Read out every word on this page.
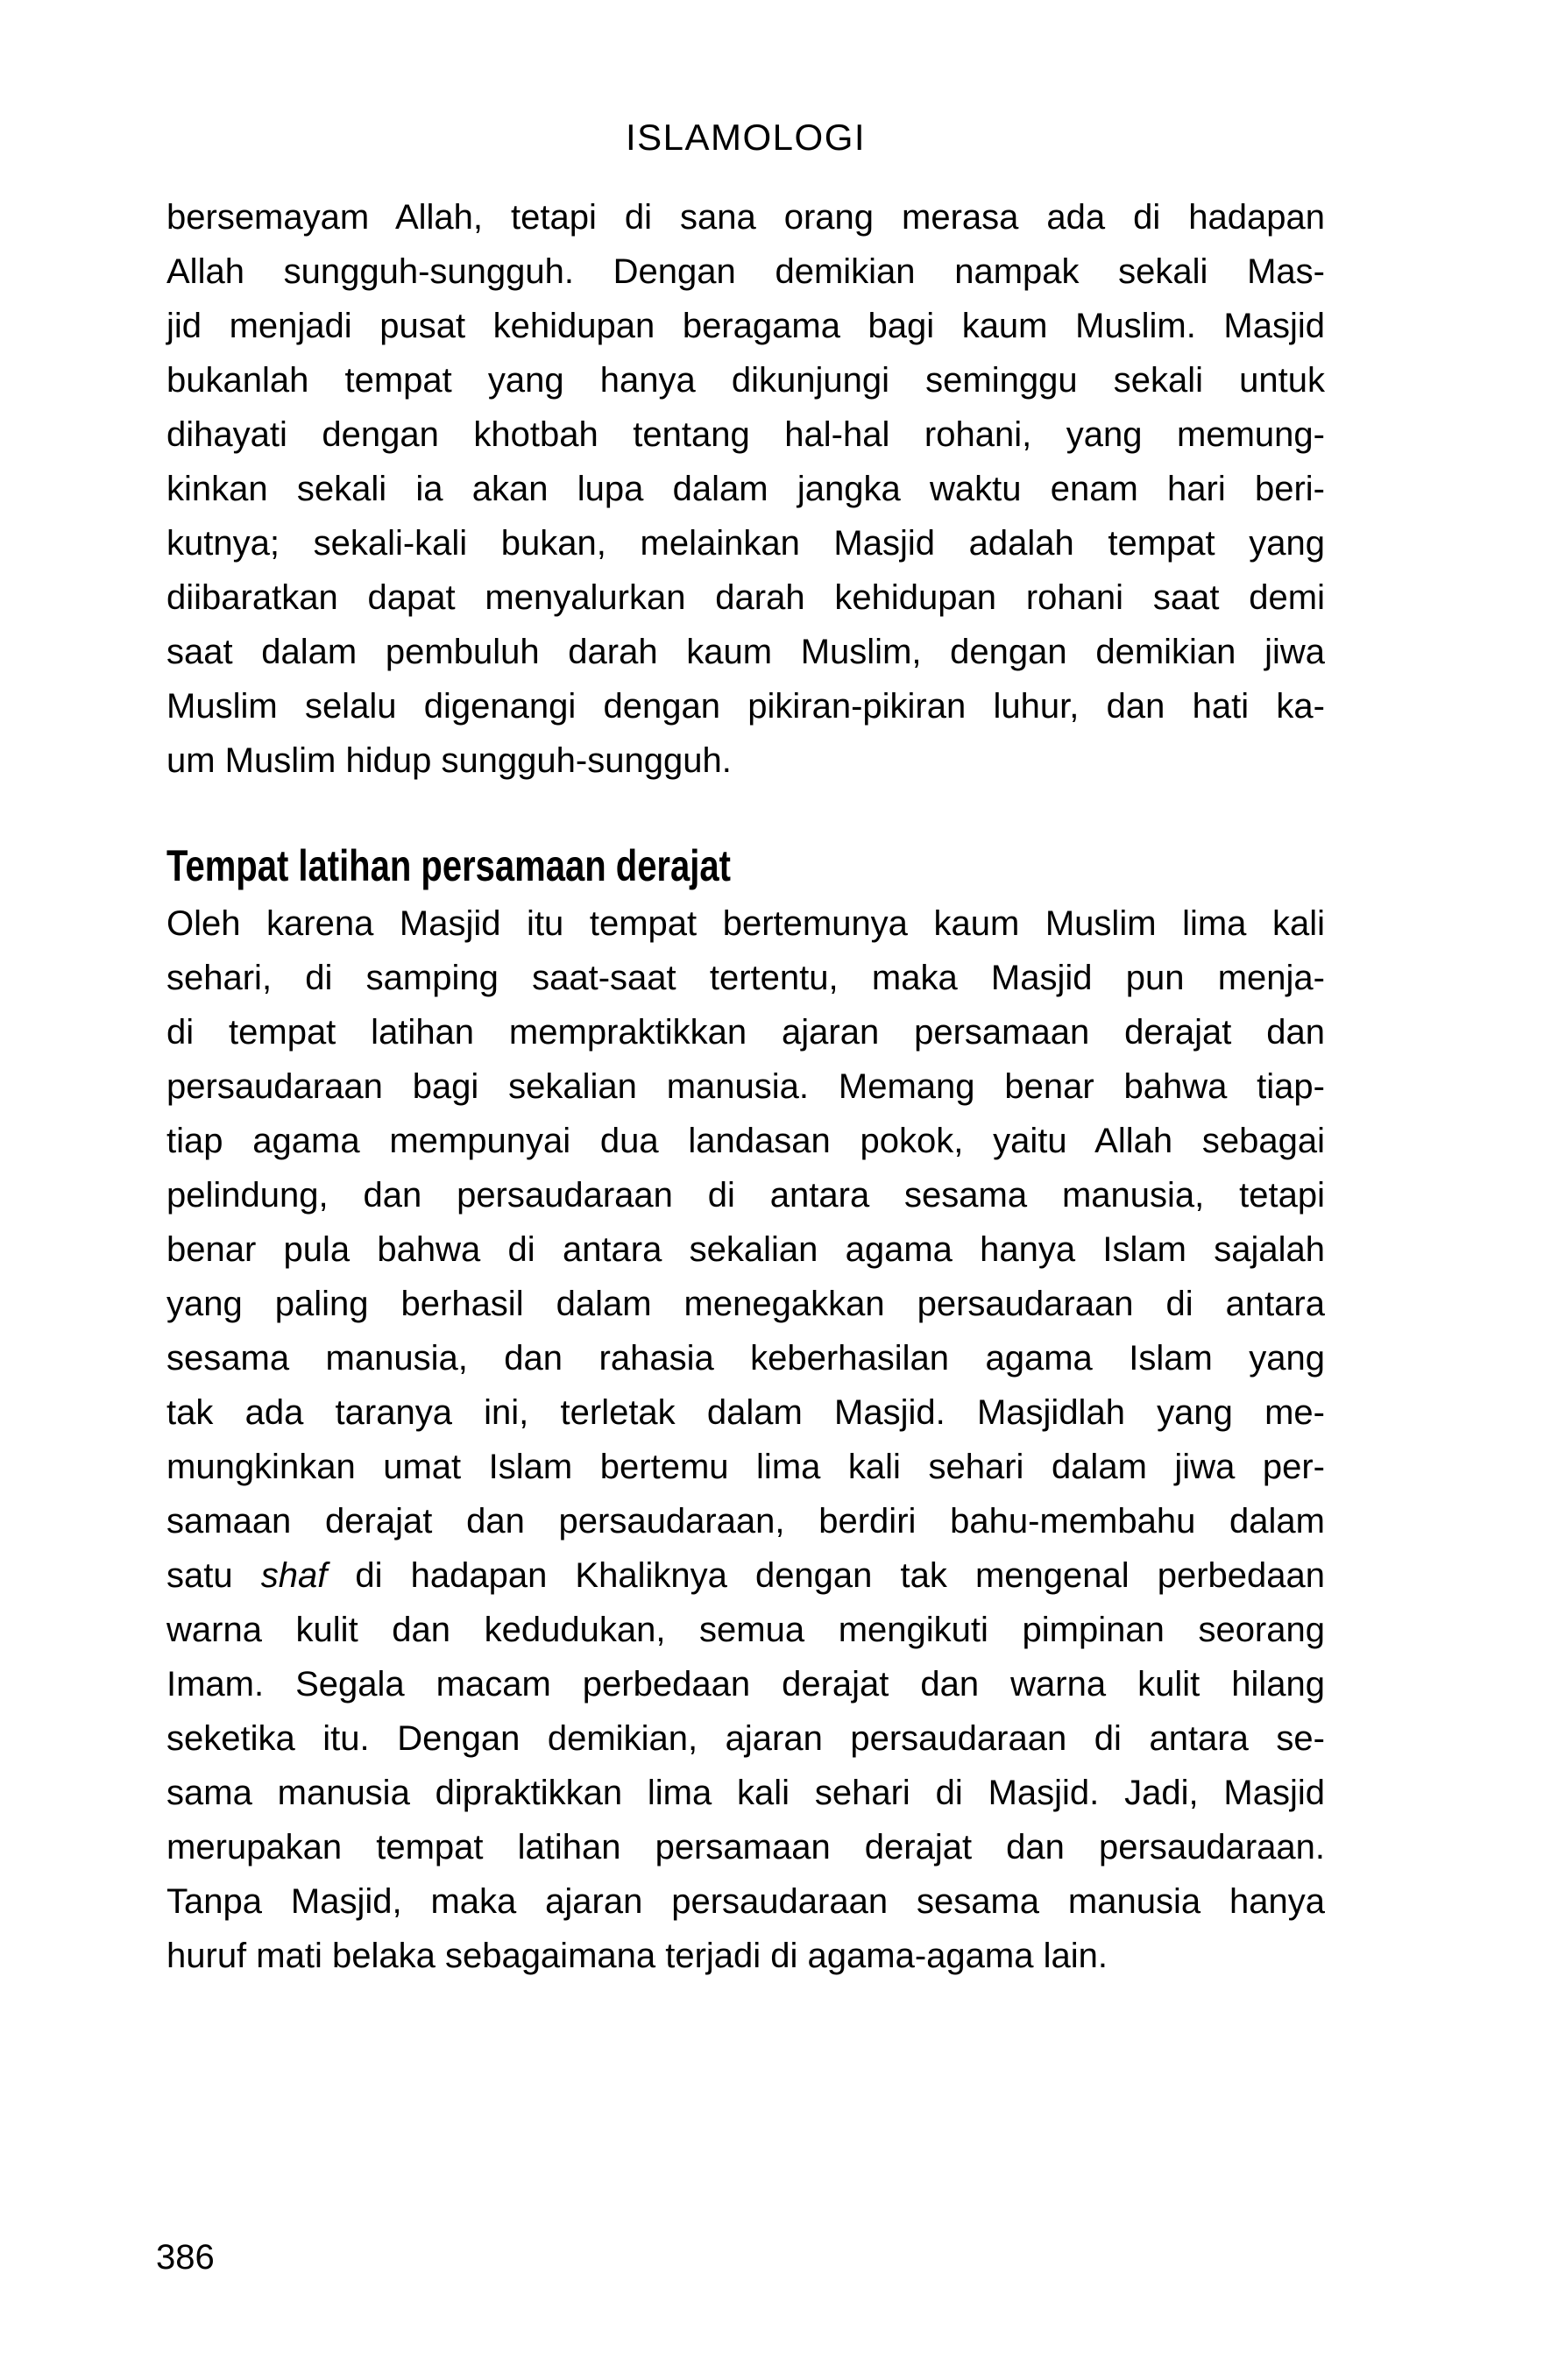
ISLAMOLOGI
bersemayam Allah, tetapi di sana orang merasa ada di hadapan
Allah sungguh-sungguh. Dengan demikian nampak sekali Mas-
jid menjadi pusat kehidupan beragama bagi kaum Muslim. Masjid
bukanlah tempat yang hanya dikunjungi seminggu sekali untuk
dihayati dengan khotbah tentang hal-hal rohani, yang memung-
kinkan sekali ia akan lupa dalam jangka waktu enam hari beri-
kutnya; sekali-kali bukan, melainkan Masjid adalah tempat yang
diibaratkan dapat menyalurkan darah kehidupan rohani saat demi
saat dalam pembuluh darah kaum Muslim, dengan demikian jiwa
Muslim selalu digenangi dengan pikiran-pikiran luhur, dan hati ka-
um Muslim hidup sungguh-sungguh.
Tempat latihan persamaan derajat
Oleh karena Masjid itu tempat bertemunya kaum Muslim lima kali
sehari, di samping saat-saat tertentu, maka Masjid pun menja-
di tempat latihan mempraktikkan ajaran persamaan derajat dan
persaudaraan bagi sekalian manusia. Memang benar bahwa tiap-
tiap agama mempunyai dua landasan pokok, yaitu Allah sebagai
pelindung, dan persaudaraan di antara sesama manusia, tetapi
benar pula bahwa di antara sekalian agama hanya Islam sajalah
yang paling berhasil dalam menegakkan persaudaraan di antara
sesama manusia, dan rahasia keberhasilan agama Islam yang
tak ada taranya ini, terletak dalam Masjid. Masjidlah yang me-
mungkinkan umat Islam bertemu lima kali sehari dalam jiwa per-
samaan derajat dan persaudaraan, berdiri bahu-membahu dalam
satu shaf di hadapan Khaliknya dengan tak mengenal perbedaan
warna kulit dan kedudukan, semua mengikuti pimpinan seorang
Imam. Segala macam perbedaan derajat dan warna kulit hilang
seketika itu. Dengan demikian, ajaran persaudaraan di antara se-
sama manusia dipraktikkan lima kali sehari di Masjid. Jadi, Masjid
merupakan tempat latihan persamaan derajat dan persaudaraan.
Tanpa Masjid, maka ajaran persaudaraan sesama manusia hanya
huruf mati belaka sebagaimana terjadi di agama-agama lain.
386
